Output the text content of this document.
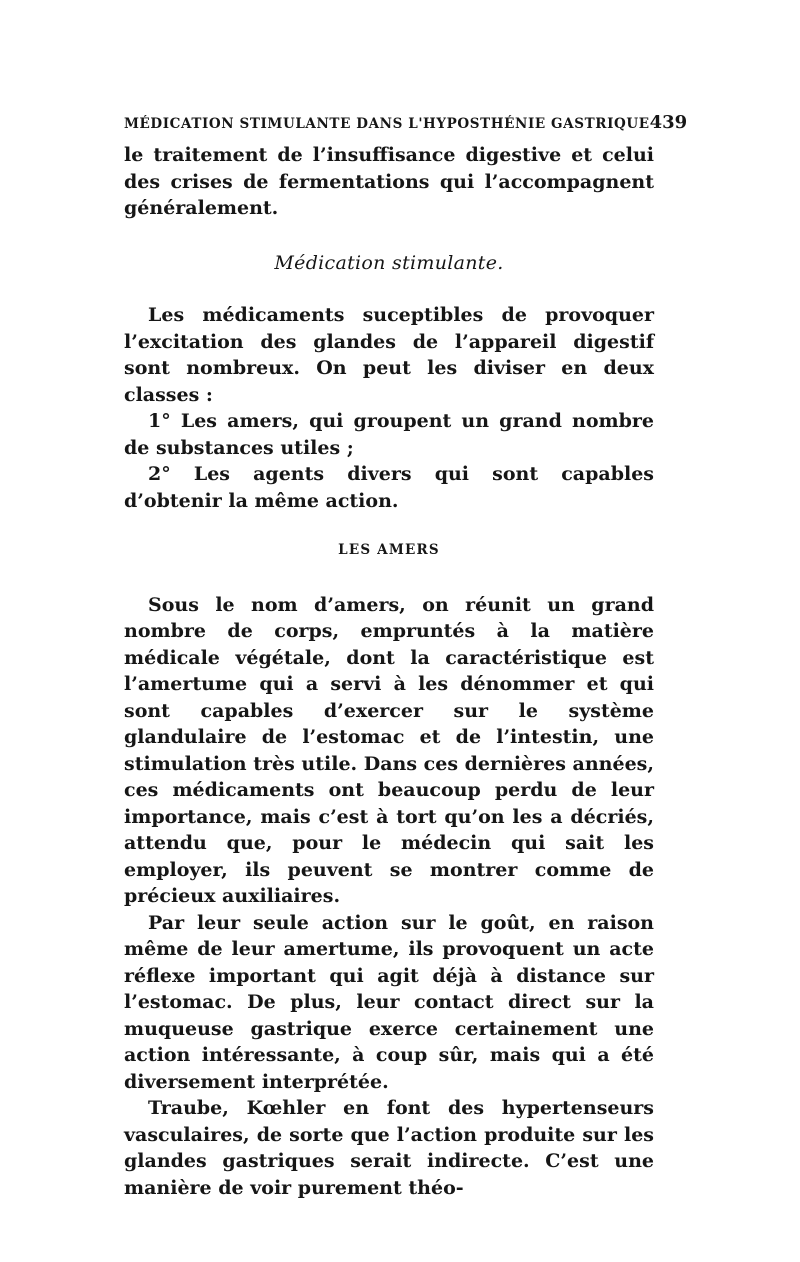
MÉDICATION STIMULANTE DANS L'HYPOSTHÉNIE GASTRIQUE 439

le traitement de l’insuffisance digestive et celui des crises de fermentations qui l’accompagnent généralement.

Médication stimulante.

Les médicaments suceptibles de provoquer l’excitation des glandes de l’appareil digestif sont nombreux. On peut les diviser en deux classes :

1° Les amers, qui groupent un grand nombre de substances utiles ;

2° Les agents divers qui sont capables d’obtenir la même action.

LES AMERS

Sous le nom d’amers, on réunit un grand nombre de corps, empruntés à la matière médicale végétale, dont la caractéristique est l’amertume qui a servi à les dénommer et qui sont capables d’exercer sur le système glandulaire de l’estomac et de l’intestin, une stimulation très utile. Dans ces dernières années, ces médicaments ont beaucoup perdu de leur importance, mais c’est à tort qu’on les a décriés, attendu que, pour le médecin qui sait les employer, ils peuvent se montrer comme de précieux auxiliaires.

Par leur seule action sur le goût, en raison même de leur amertume, ils provoquent un acte réflexe important qui agit déjà à distance sur l’estomac. De plus, leur contact direct sur la muqueuse gastrique exerce certainement une action intéressante, à coup sûr, mais qui a été diversement interprétée.

Traube, Kœhler en font des hypertenseurs vasculaires, de sorte que l’action produite sur les glandes gastriques serait indirecte. C’est une manière de voir purement théo-
